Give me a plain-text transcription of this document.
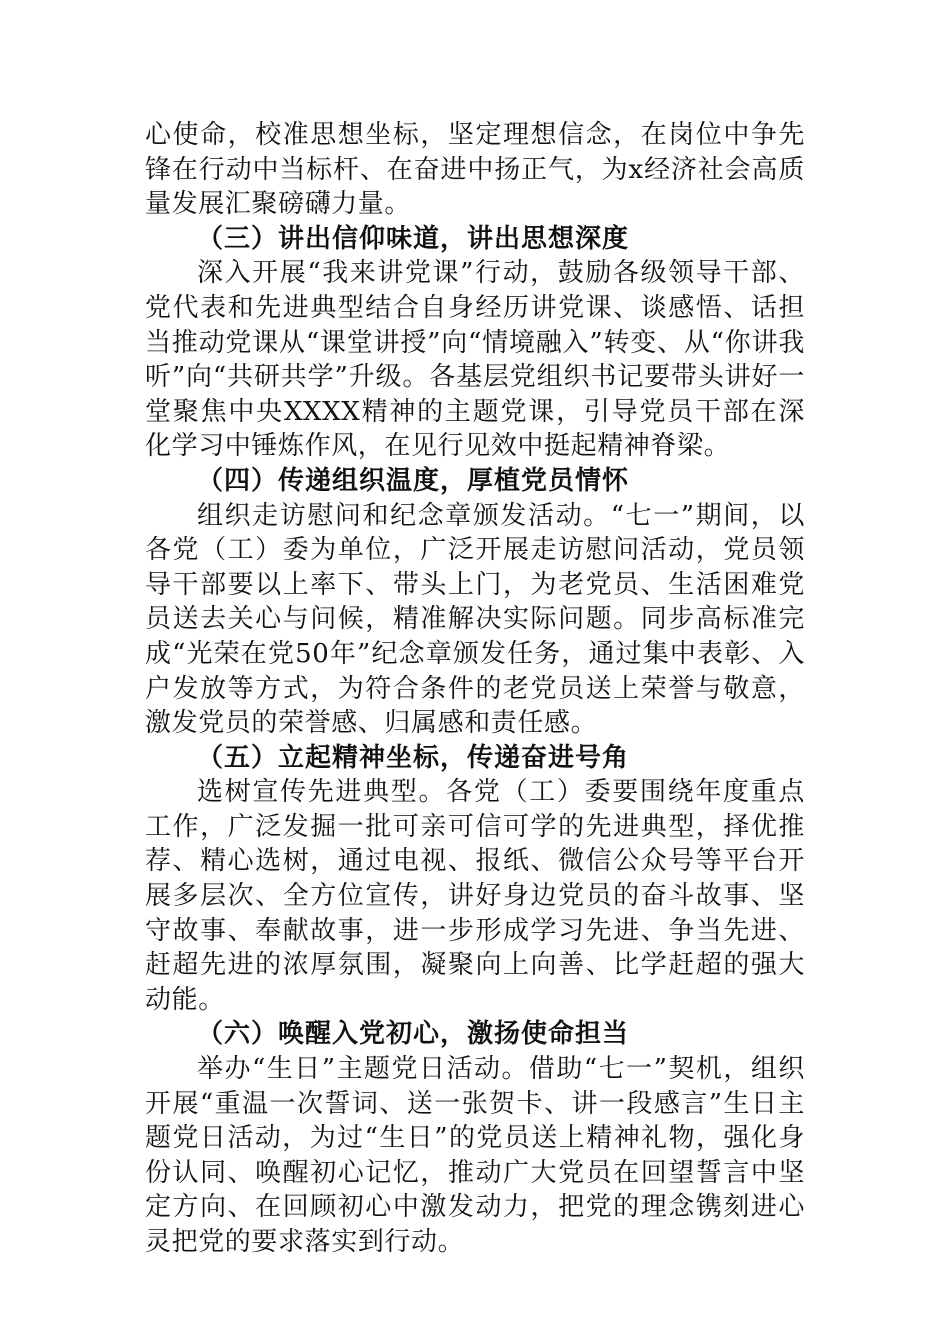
心使命，校准思想坐标，坚定理想信念，在岗位中争先锋在行动中当标杆、在奋进中扬正气，为x经济社会高质量发展汇聚磅礴力量。

（三）讲出信仰味道，讲出思想深度

深入开展“我来讲党课”行动，鼓励各级领导干部、党代表和先进典型结合自身经历讲党课、谈感悟、话担当推动党课从“课堂讲授”向“情境融入”转变、从“你讲我听”向“共研共学”升级。各基层党组织书记要带头讲好一堂聚焦中央XXXX精神的主题党课，引导党员干部在深化学习中锤炼作风，在见行见效中挺起精神脊梁。

（四）传递组织温度，厚植党员情怀

组织走访慰问和纪念章颁发活动。“七一”期间，以各党（工）委为单位，广泛开展走访慰问活动，党员领导干部要以上率下、带头上门，为老党员、生活困难党员送去关心与问候，精准解决实际问题。同步高标准完成“光荣在党50年”纪念章颁发任务，通过集中表彰、入户发放等方式，为符合条件的老党员送上荣誉与敬意，激发党员的荣誉感、归属感和责任感。

（五）立起精神坐标，传递奋进号角

选树宣传先进典型。各党（工）委要围绕年度重点工作，广泛发掘一批可亲可信可学的先进典型，择优推荐、精心选树，通过电视、报纸、微信公众号等平台开展多层次、全方位宣传，讲好身边党员的奋斗故事、坚守故事、奉献故事，进一步形成学习先进、争当先进、赶超先进的浓厚氛围，凝聚向上向善、比学赶超的强大动能。

（六）唤醒入党初心，激扬使命担当

举办“生日”主题党日活动。借助“七一”契机，组织开展“重温一次誓词、送一张贺卡、讲一段感言”生日主题党日活动，为过“生日”的党员送上精神礼物，强化身份认同、唤醒初心记忆，推动广大党员在回望誓言中坚定方向、在回顾初心中激发动力，把党的理念镌刻进心灵把党的要求落实到行动。
